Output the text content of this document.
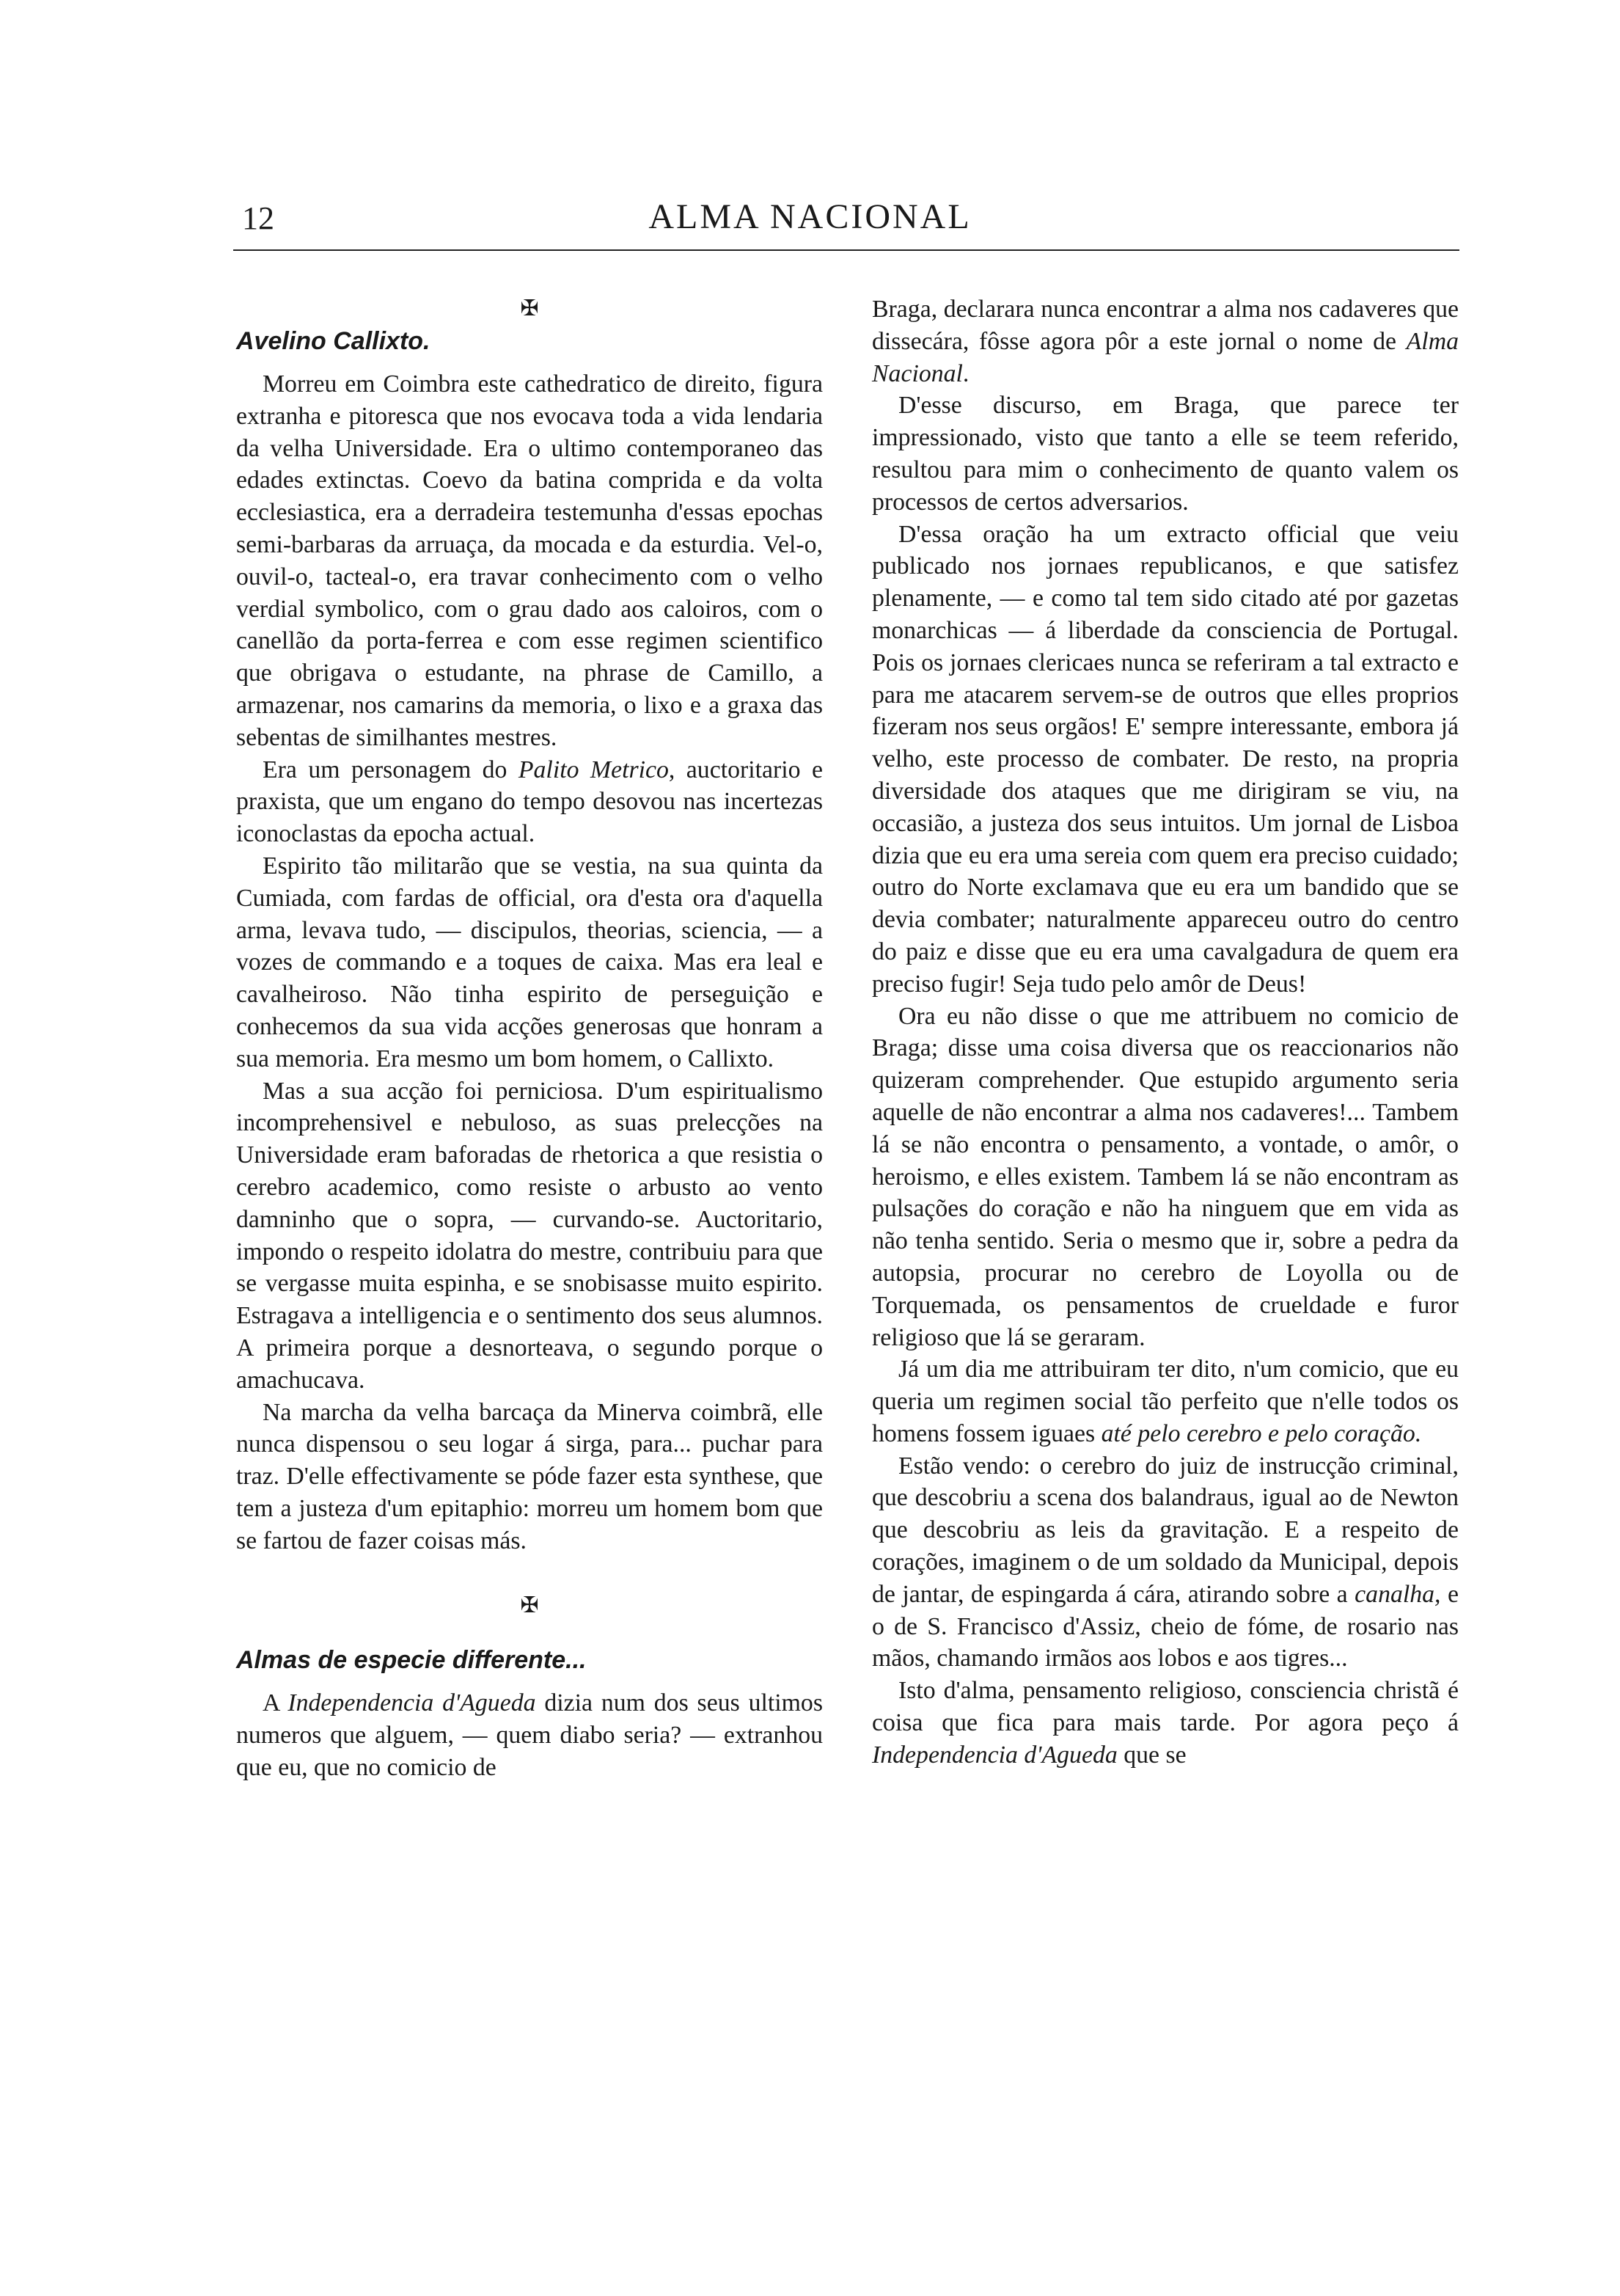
12	ALMA NACIONAL
✠
Avelino Callixto.

Morreu em Coimbra este cathedratico de direito, figura extranha e pitoresca que nos evocava toda a vida lendaria da velha Universidade. Era o ultimo contemporaneo das edades extinctas. Coevo da batina comprida e da volta ecclesiastica, era a derradeira testemunha d'essas epochas semi-barbaras da arruaça, da mocada e da esturdia. Vel-o, ouvil-o, tacteal-o, era travar conhecimento com o velho verdial symbolico, com o grau dado aos caloiros, com o canellão da porta-ferrea e com esse regimen scientifico que obrigava o estudante, na phrase de Camillo, a armazenar, nos camarins da memoria, o lixo e a graxa das sebentas de similhantes mestres.

Era um personagem do Palito Metrico, auctoritario e praxista, que um engano do tempo desovou nas incertezas iconoclastas da epocha actual.

Espirito tão militarão que se vestia, na sua quinta da Cumiada, com fardas de official, ora d'esta ora d'aquella arma, levava tudo, — discipulos, theorias, sciencia, — a vozes de commando e a toques de caixa. Mas era leal e cavalheiroso. Não tinha espirito de perseguição e conhecemos da sua vida acções generosas que honram a sua memoria. Era mesmo um bom homem, o Callixto.

Mas a sua acção foi perniciosa. D'um espiritualismo incomprehensivel e nebuloso, as suas prelecções na Universidade eram baforadas de rhetorica a que resistia o cerebro academico, como resiste o arbusto ao vento damninho que o sopra, — curvando-se. Auctoritario, impondo o respeito idolatra do mestre, contribuiu para que se vergasse muita espinha, e se snobisasse muito espirito. Estragava a intelligencia e o sentimento dos seus alumnos. A primeira porque a desnorteava, o segundo porque o amachucava.

Na marcha da velha barcaça da Minerva coimbrã, elle nunca dispensou o seu logar á sirga, para... puchar para traz. D'elle effectivamente se póde fazer esta synthese, que tem a justeza d'um epitaphio: morreu um homem bom que se fartou de fazer coisas más.

✠
Almas de especie differente...

A Independencia d'Agueda dizia num dos seus ultimos numeros que alguem, — quem diabo seria? — extranhou que eu, que no comicio de

Braga, declarara nunca encontrar a alma nos cadaveres que dissecára, fôsse agora pôr a este jornal o nome de Alma Nacional.

D'esse discurso, em Braga, que parece ter impressionado, visto que tanto a elle se teem referido, resultou para mim o conhecimento de quanto valem os processos de certos adversarios.

D'essa oração ha um extracto official que veiu publicado nos jornaes republicanos, e que satisfez plenamente, — e como tal tem sido citado até por gazetas monarchicas — á liberdade da consciencia de Portugal. Pois os jornaes clericaes nunca se referiram a tal extracto e para me atacarem servem-se de outros que elles proprios fizeram nos seus orgãos! E' sempre interessante, embora já velho, este processo de combater. De resto, na propria diversidade dos ataques que me dirigiram se viu, na occasião, a justeza dos seus intuitos. Um jornal de Lisboa dizia que eu era uma sereia com quem era preciso cuidado; outro do Norte exclamava que eu era um bandido que se devia combater; naturalmente appareceu outro do centro do paiz e disse que eu era uma cavalgadura de quem era preciso fugir! Seja tudo pelo amôr de Deus!

Ora eu não disse o que me attribuem no comicio de Braga; disse uma coisa diversa que os reaccionarios não quizeram comprehender. Que estupido argumento seria aquelle de não encontrar a alma nos cadaveres!... Tambem lá se não encontra o pensamento, a vontade, o amôr, o heroismo, e elles existem. Tambem lá se não encontram as pulsações do coração e não ha ninguem que em vida as não tenha sentido. Seria o mesmo que ir, sobre a pedra da autopsia, procurar no cerebro de Loyolla ou de Torquemada, os pensamentos de crueldade e furor religioso que lá se geraram.

Já um dia me attribuiram ter dito, n'um comicio, que eu queria um regimen social tão perfeito que n'elle todos os homens fossem iguaes até pelo cerebro e pelo coração.

Estão vendo: o cerebro do juiz de instrucção criminal, que descobriu a scena dos balandraus, igual ao de Newton que descobriu as leis da gravitação. E a respeito de corações, imaginem o de um soldado da Municipal, depois de jantar, de espingarda á cára, atirando sobre a canalha, e o de S. Francisco d'Assiz, cheio de fóme, de rosario nas mãos, chamando irmãos aos lobos e aos tigres...

Isto d'alma, pensamento religioso, consciencia christã é coisa que fica para mais tarde. Por agora peço á Independencia d'Agueda que se
